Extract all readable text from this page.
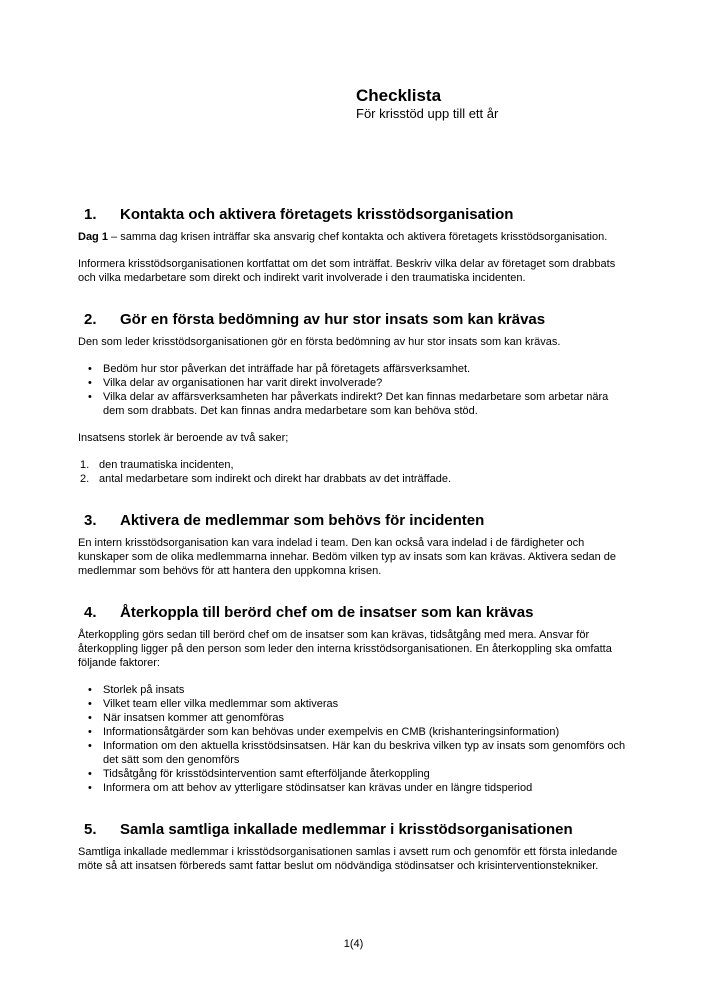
Checklista
För krisstöd upp till ett år
1.	Kontakta och aktivera företagets krisstödsorganisation

Dag 1 – samma dag krisen inträffar ska ansvarig chef kontakta och aktivera företagets krisstödsorganisation.

Informera krisstödsorganisationen kortfattat om det som inträffat. Beskriv vilka delar av företaget som drabbats och vilka medarbetare som direkt och indirekt varit involverade i den traumatiska incidenten.

2.	Gör en första bedömning av hur stor insats som kan krävas

Den som leder krisstödsorganisationen gör en första bedömning av hur stor insats som kan krävas.

•	Bedöm hur stor påverkan det inträffade har på företagets affärsverksamhet.
•	Vilka delar av organisationen har varit direkt involverade?
•	Vilka delar av affärsverksamheten har påverkats indirekt? Det kan finnas medarbetare som arbetar nära dem som drabbats. Det kan finnas andra medarbetare som kan behöva stöd.

Insatsens storlek är beroende av två saker;

1. den traumatiska incidenten,
2. antal medarbetare som indirekt och direkt har drabbats av det inträffade.
3.	Aktivera de medlemmar som behövs för incidenten

En intern krisstödsorganisation kan vara indelad i team. Den kan också vara indelad i de färdigheter och kunskaper som de olika medlemmarna innehar. Bedöm vilken typ av insats som kan krävas. Aktivera sedan de medlemmar som behövs för att hantera den uppkomna krisen.

4.	Återkoppla till berörd chef om de insatser som kan krävas

Återkoppling görs sedan till berörd chef om de insatser som kan krävas, tidsåtgång med mera. Ansvar för återkoppling ligger på den person som leder den interna krisstödsorganisationen. En återkoppling ska omfatta följande faktorer:

•	Storlek på insats
•	Vilket team eller vilka medlemmar som aktiveras
•	När insatsen kommer att genomföras
•	Informationsåtgärder som kan behövas under exempelvis en CMB (krishanteringsinformation)
•	Information om den aktuella krisstödsinsatsen. Här kan du beskriva vilken typ av insats som genomförs och det sätt som den genomförs
•	Tidsåtgång för krisstödsintervention samt efterföljande återkoppling
•	Informera om att behov av ytterligare stödinsatser kan krävas under en längre tidsperiod
5.	Samla samtliga inkallade medlemmar i krisstödsorganisationen

Samtliga inkallade medlemmar i krisstödsorganisationen samlas i avsett rum och genomför ett första inledande möte så att insatsen förbereds samt fattar beslut om nödvändiga stödinsatser och krisinterventionstekniker.

1(4)
